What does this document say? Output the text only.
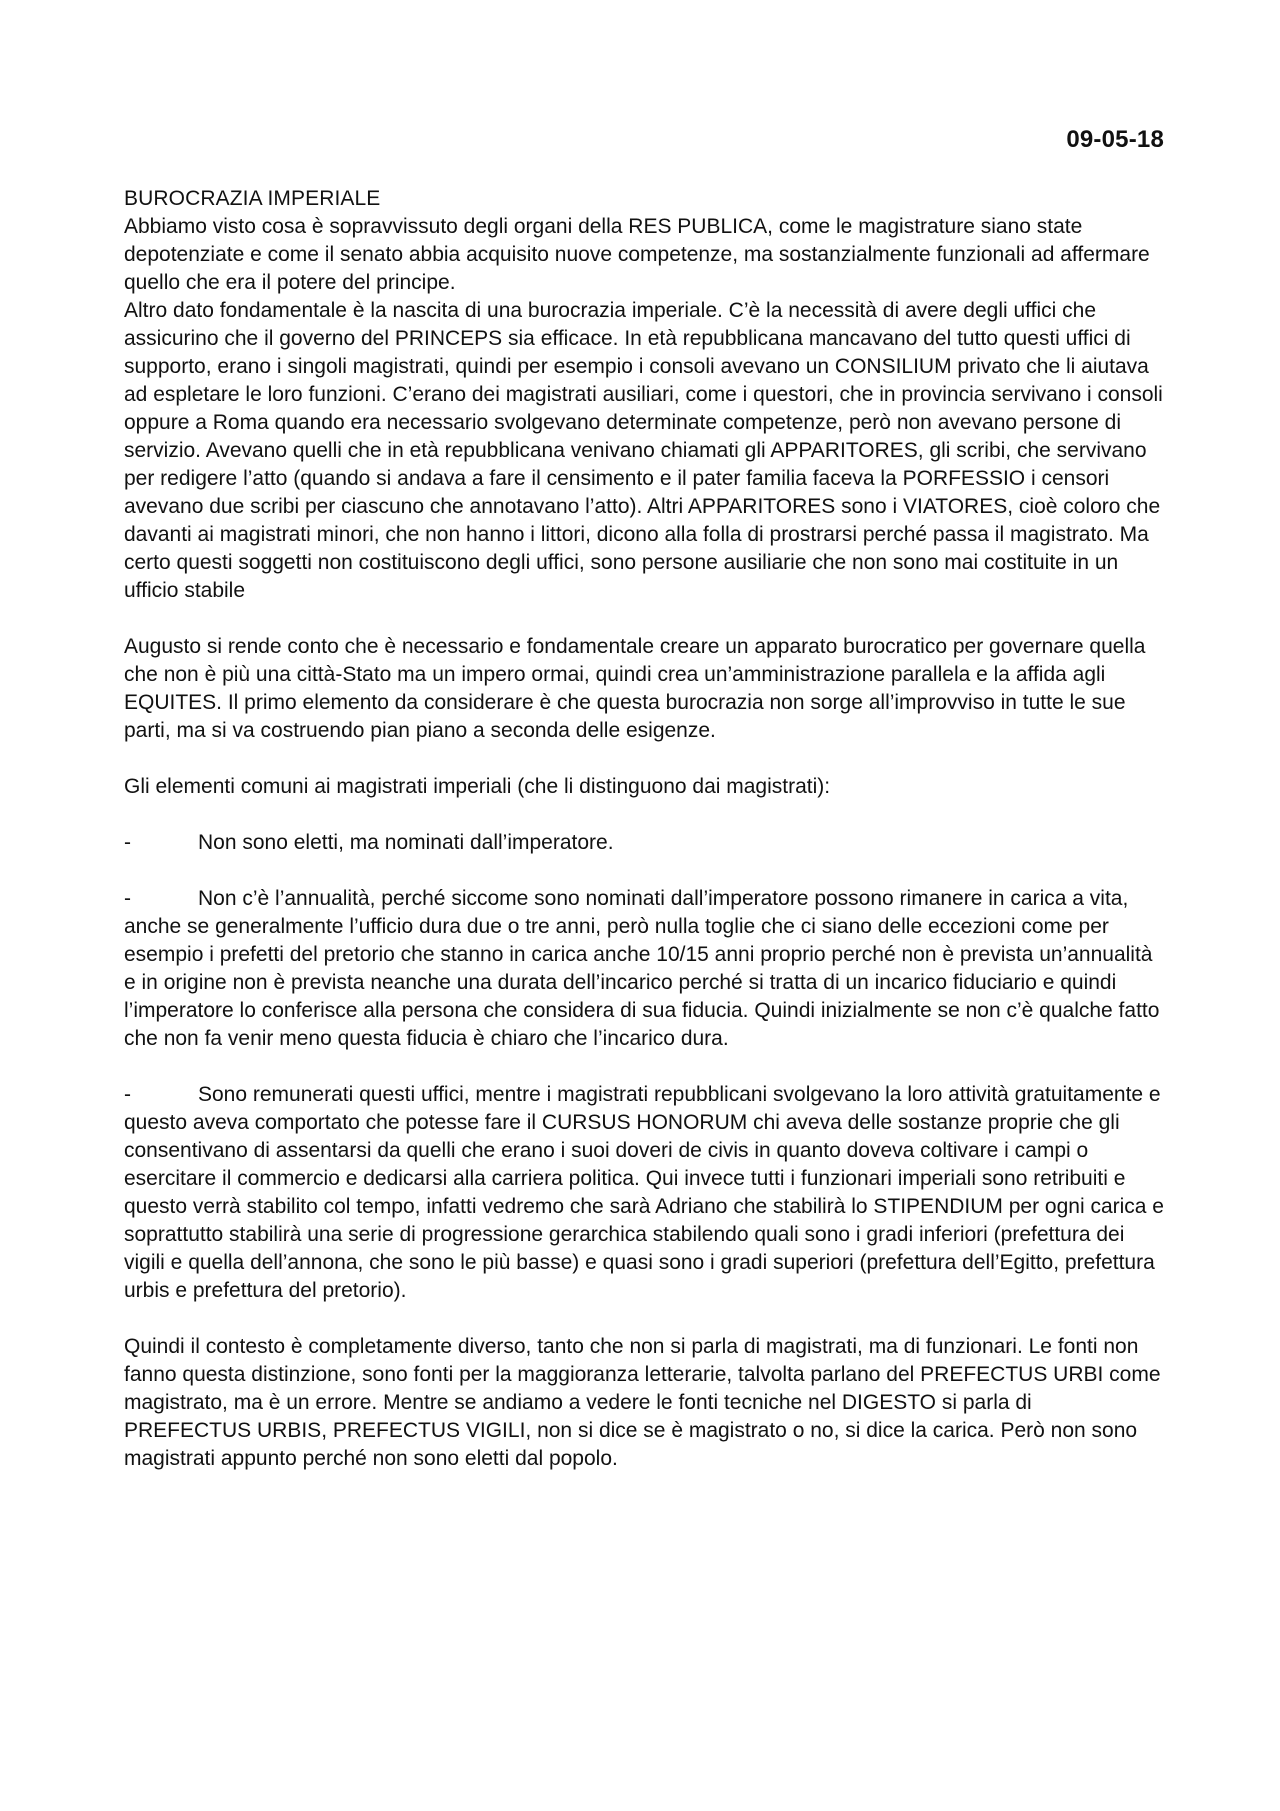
09-05-18

BUROCRAZIA IMPERIALE

Abbiamo visto cosa è sopravvissuto degli organi della RES PUBLICA, come le magistrature siano state depotenziate e come il senato abbia acquisito nuove competenze, ma sostanzialmente funzionali ad affermare quello che era il potere del principe.

Altro dato fondamentale è la nascita di una burocrazia imperiale. C’è la necessità di avere degli uffici che assicurino che il governo del PRINCEPS sia efficace. In età repubblicana mancavano del tutto questi uffici di supporto, erano i singoli magistrati, quindi per esempio i consoli avevano un CONSILIUM privato che li aiutava ad espletare le loro funzioni. C’erano dei magistrati ausiliari, come i questori, che in provincia servivano i consoli oppure a Roma quando era necessario svolgevano determinate competenze, però non avevano persone di servizio. Avevano quelli che in età repubblicana venivano chiamati gli APPARITORES, gli scribi, che servivano per redigere l’atto (quando si andava a fare il censimento e il pater familia faceva la PORFESSIO i censori avevano due scribi per ciascuno che annotavano l’atto). Altri APPARITORES sono i VIATORES, cioè coloro che davanti ai magistrati minori, che non hanno i littori, dicono alla folla di prostrarsi perché passa il magistrato. Ma certo questi soggetti non costituiscono degli uffici, sono persone ausiliarie che non sono mai costituite in un ufficio stabile

Augusto si rende conto che è necessario e fondamentale creare un apparato burocratico per governare quella che non è più una città-Stato ma un impero ormai, quindi crea un’amministrazione parallela e la affida agli EQUITES. Il primo elemento da considerare è che questa burocrazia non sorge all’improvviso in tutte le sue parti, ma si va costruendo pian piano a seconda delle esigenze.

Gli elementi comuni ai magistrati imperiali (che li distinguono dai magistrati):

-	Non sono eletti, ma nominati dall’imperatore.

-	Non c’è l’annualità, perché siccome sono nominati dall’imperatore possono rimanere in carica a vita, anche se generalmente l’ufficio dura due o tre anni, però nulla toglie che ci siano delle eccezioni come per esempio i prefetti del pretorio che stanno in carica anche 10/15 anni proprio perché non è prevista un’annualità e in origine non è prevista neanche una durata dell’incarico perché si tratta di un incarico fiduciario e quindi l’imperatore lo conferisce alla persona che considera di sua fiducia. Quindi inizialmente se non c’è qualche fatto che non fa venir meno questa fiducia è chiaro che l’incarico dura.

-	Sono remunerati questi uffici, mentre i magistrati repubblicani svolgevano la loro attività gratuitamente e questo aveva comportato che potesse fare il CURSUS HONORUM chi aveva delle sostanze proprie che gli consentivano di assentarsi da quelli che erano i suoi doveri de civis in quanto doveva coltivare i campi o esercitare il commercio e dedicarsi alla carriera politica. Qui invece tutti i funzionari imperiali sono retribuiti e questo verrà stabilito col tempo, infatti vedremo che sarà Adriano che stabilirà lo STIPENDIUM per ogni carica e soprattutto stabilirà una serie di progressione gerarchica stabilendo quali sono i gradi inferiori (prefettura dei vigili e quella dell’annona, che sono le più basse) e quasi sono i gradi superiori (prefettura dell’Egitto, prefettura urbis e prefettura del pretorio).

Quindi il contesto è completamente diverso, tanto che non si parla di magistrati, ma di funzionari. Le fonti non fanno questa distinzione, sono fonti per la maggioranza letterarie, talvolta parlano del PREFECTUS URBI come magistrato, ma è un errore. Mentre se andiamo a vedere le fonti tecniche nel DIGESTO si parla di PREFECTUS URBIS, PREFECTUS VIGILI, non si dice se è magistrato o no, si dice la carica. Però non sono magistrati appunto perché non sono eletti dal popolo.
